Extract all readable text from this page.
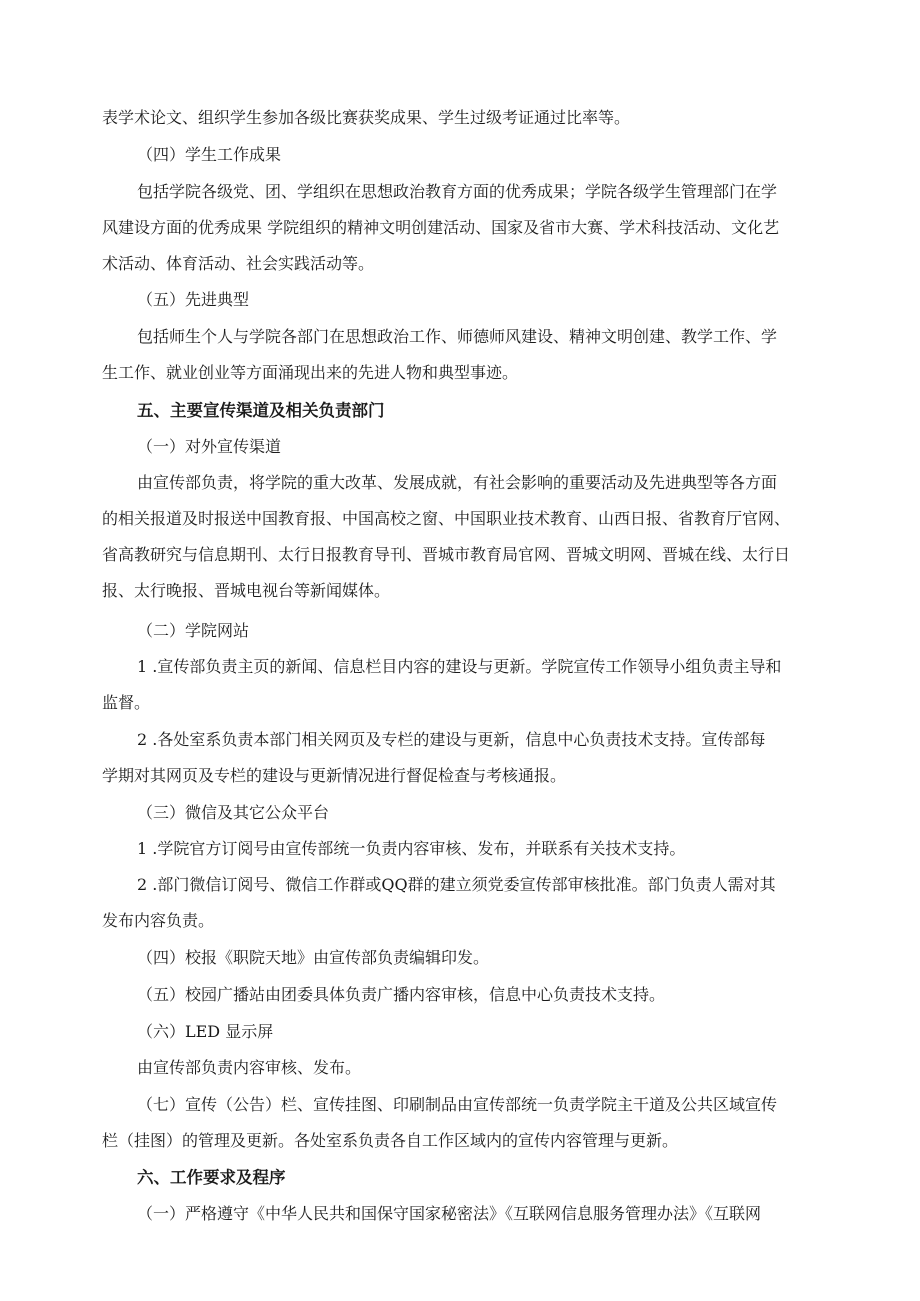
表学术论文、组织学生参加各级比赛获奖成果、学生过级考证通过比率等。

（四）学生工作成果

包括学院各级党、团、学组织在思想政治教育方面的优秀成果；学院各级学生管理部门在学
风建设方面的优秀成果 学院组织的精神文明创建活动、国家及省市大赛、学术科技活动、文化艺
术活动、体育活动、社会实践活动等。

（五）先进典型

包括师生个人与学院各部门在思想政治工作、师德师风建设、精神文明创建、教学工作、学
生工作、就业创业等方面涌现出来的先进人物和典型事迹。

五、主要宣传渠道及相关负责部门

（一）对外宣传渠道

由宣传部负责，将学院的重大改革、发展成就，有社会影响的重要活动及先进典型等各方面
的相关报道及时报送中国教育报、中国高校之窗、中国职业技术教育、山西日报、省教育厅官网、
省高教研究与信息期刊、太行日报教育导刊、晋城市教育局官网、晋城文明网、晋城在线、太行日
报、太行晚报、晋城电视台等新闻媒体。

（二）学院网站

1 .宣传部负责主页的新闻、信息栏目内容的建设与更新。学院宣传工作领导小组负责主导和
监督。

2 .各处室系负责本部门相关网页及专栏的建设与更新，信息中心负责技术支持。宣传部每
学期对其网页及专栏的建设与更新情况进行督促检查与考核通报。

（三）微信及其它公众平台

1 .学院官方订阅号由宣传部统一负责内容审核、发布，并联系有关技术支持。

2 .部门微信订阅号、微信工作群或QQ群的建立须党委宣传部审核批准。部门负责人需对其
发布内容负责。

（四）校报《职院天地》由宣传部负责编辑印发。

（五）校园广播站由团委具体负责广播内容审核，信息中心负责技术支持。

（六）LED 显示屏

由宣传部负责内容审核、发布。

（七）宣传（公告）栏、宣传挂图、印刷制品由宣传部统一负责学院主干道及公共区域宣传
栏（挂图）的管理及更新。各处室系负责各自工作区域内的宣传内容管理与更新。

六、工作要求及程序

（一）严格遵守《中华人民共和国保守国家秘密法》《互联网信息服务管理办法》《互联网
